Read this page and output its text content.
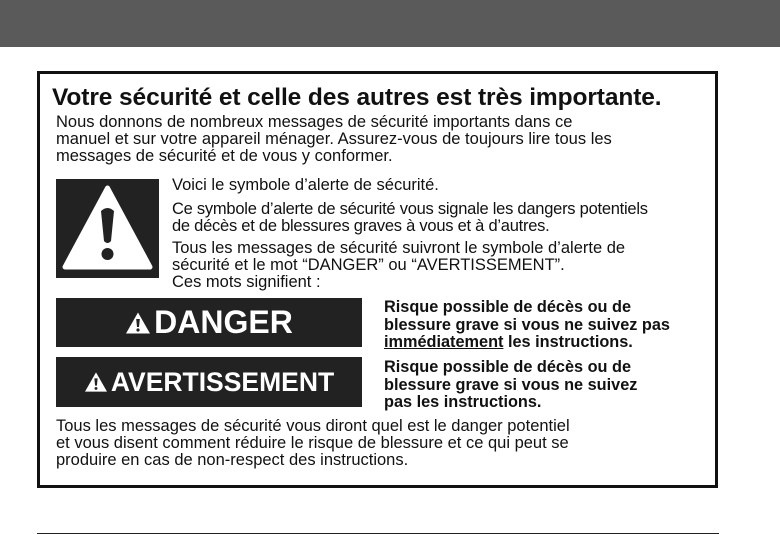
Votre sécurité et celle des autres est très importante.

Nous donnons de nombreux messages de sécurité importants dans ce
manuel et sur votre appareil ménager. Assurez-vous de toujours lire tous les
messages de sécurité et de vous y conformer.

Voici le symbole d’alerte de sécurité.

Ce symbole d’alerte de sécurité vous signale les dangers potentiels
de décès et de blessures graves à vous et à d’autres.

Tous les messages de sécurité suivront le symbole d’alerte de
sécurité et le mot “DANGER” ou “AVERTISSEMENT”.
Ces mots signifient :

DANGER	Risque possible de décès ou de
blessure grave si vous ne suivez pas
immédiatement les instructions.

AVERTISSEMENT	Risque possible de décès ou de
blessure grave si vous ne suivez
pas les instructions.

Tous les messages de sécurité vous diront quel est le danger potentiel
et vous disent comment réduire le risque de blessure et ce qui peut se
produire en cas de non-respect des instructions.
